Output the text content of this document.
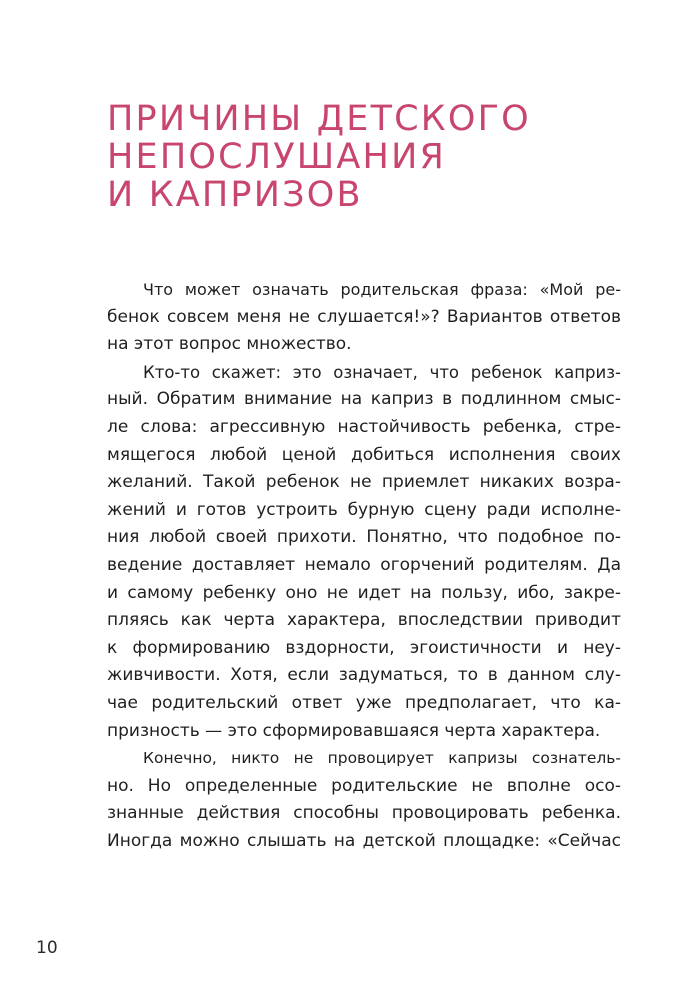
ПРИЧИНЫ ДЕТСКОГО
НЕПОСЛУШАНИЯ
И КАПРИЗОВ
Что может означать родительская фраза: «Мой ре-
бенок совсем меня не слушается!»? Вариантов ответов
на этот вопрос множество.
Кто-то скажет: это означает, что ребенок каприз-
ный. Обратим внимание на каприз в подлинном смыс-
ле слова: агрессивную настойчивость ребенка, стре-
мящегося любой ценой добиться исполнения своих
желаний. Такой ребенок не приемлет никаких возра-
жений и готов устроить бурную сцену ради исполне-
ния любой своей прихоти. Понятно, что подобное по-
ведение доставляет немало огорчений родителям. Да
и самому ребенку оно не идет на пользу, ибо, закре-
пляясь как черта характера, впоследствии приводит
к формированию вздорности, эгоистичности и неу-
живчивости. Хотя, если задуматься, то в данном слу-
чае родительский ответ уже предполагает, что ка-
призность — это сформировавшаяся черта характера.
Конечно, никто не провоцирует капризы сознатель-
но. Но определенные родительские не вполне осо-
знанные действия способны провоцировать ребенка.
Иногда можно слышать на детской площадке: «Сейчас
10
